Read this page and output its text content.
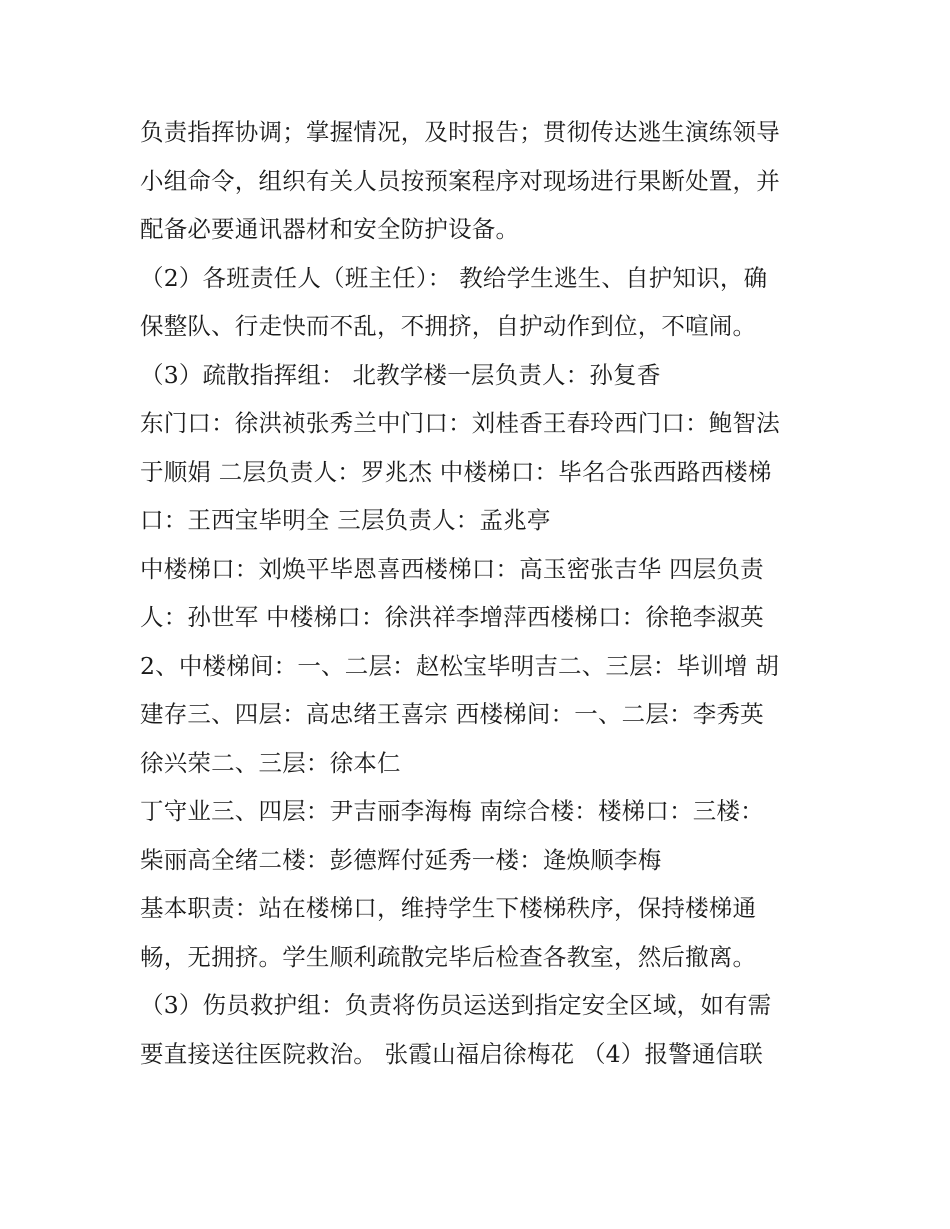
负责指挥协调；掌握情况，及时报告；贯彻传达逃生演练领导
小组命令，组织有关人员按预案程序对现场进行果断处置，并
配备必要通讯器材和安全防护设备。
（2）各班责任人（班主任）： 教给学生逃生、自护知识，确
保整队、行走快而不乱，不拥挤，自护动作到位，不喧闹。
（3）疏散指挥组： 北教学楼一层负责人：孙复香
东门口：徐洪祯张秀兰中门口：刘桂香王春玲西门口：鲍智法
于顺娟 二层负责人：罗兆杰 中楼梯口：毕名合张西路西楼梯
口：王西宝毕明全 三层负责人：孟兆亭
中楼梯口：刘焕平毕恩喜西楼梯口：高玉密张吉华 四层负责
人：孙世军 中楼梯口：徐洪祥李增萍西楼梯口：徐艳李淑英
2、中楼梯间：一、二层：赵松宝毕明吉二、三层：毕训增 胡
建存三、四层：高忠绪王喜宗 西楼梯间：一、二层：李秀英
徐兴荣二、三层：徐本仁
丁守业三、四层：尹吉丽李海梅 南综合楼：楼梯口：三楼：
柴丽高全绪二楼：彭德辉付延秀一楼：逄焕顺李梅
基本职责：站在楼梯口，维持学生下楼梯秩序，保持楼梯通
畅，无拥挤。学生顺利疏散完毕后检查各教室，然后撤离。
（3）伤员救护组：负责将伤员运送到指定安全区域，如有需
要直接送往医院救治。 张霞山福启徐梅花 （4）报警通信联
